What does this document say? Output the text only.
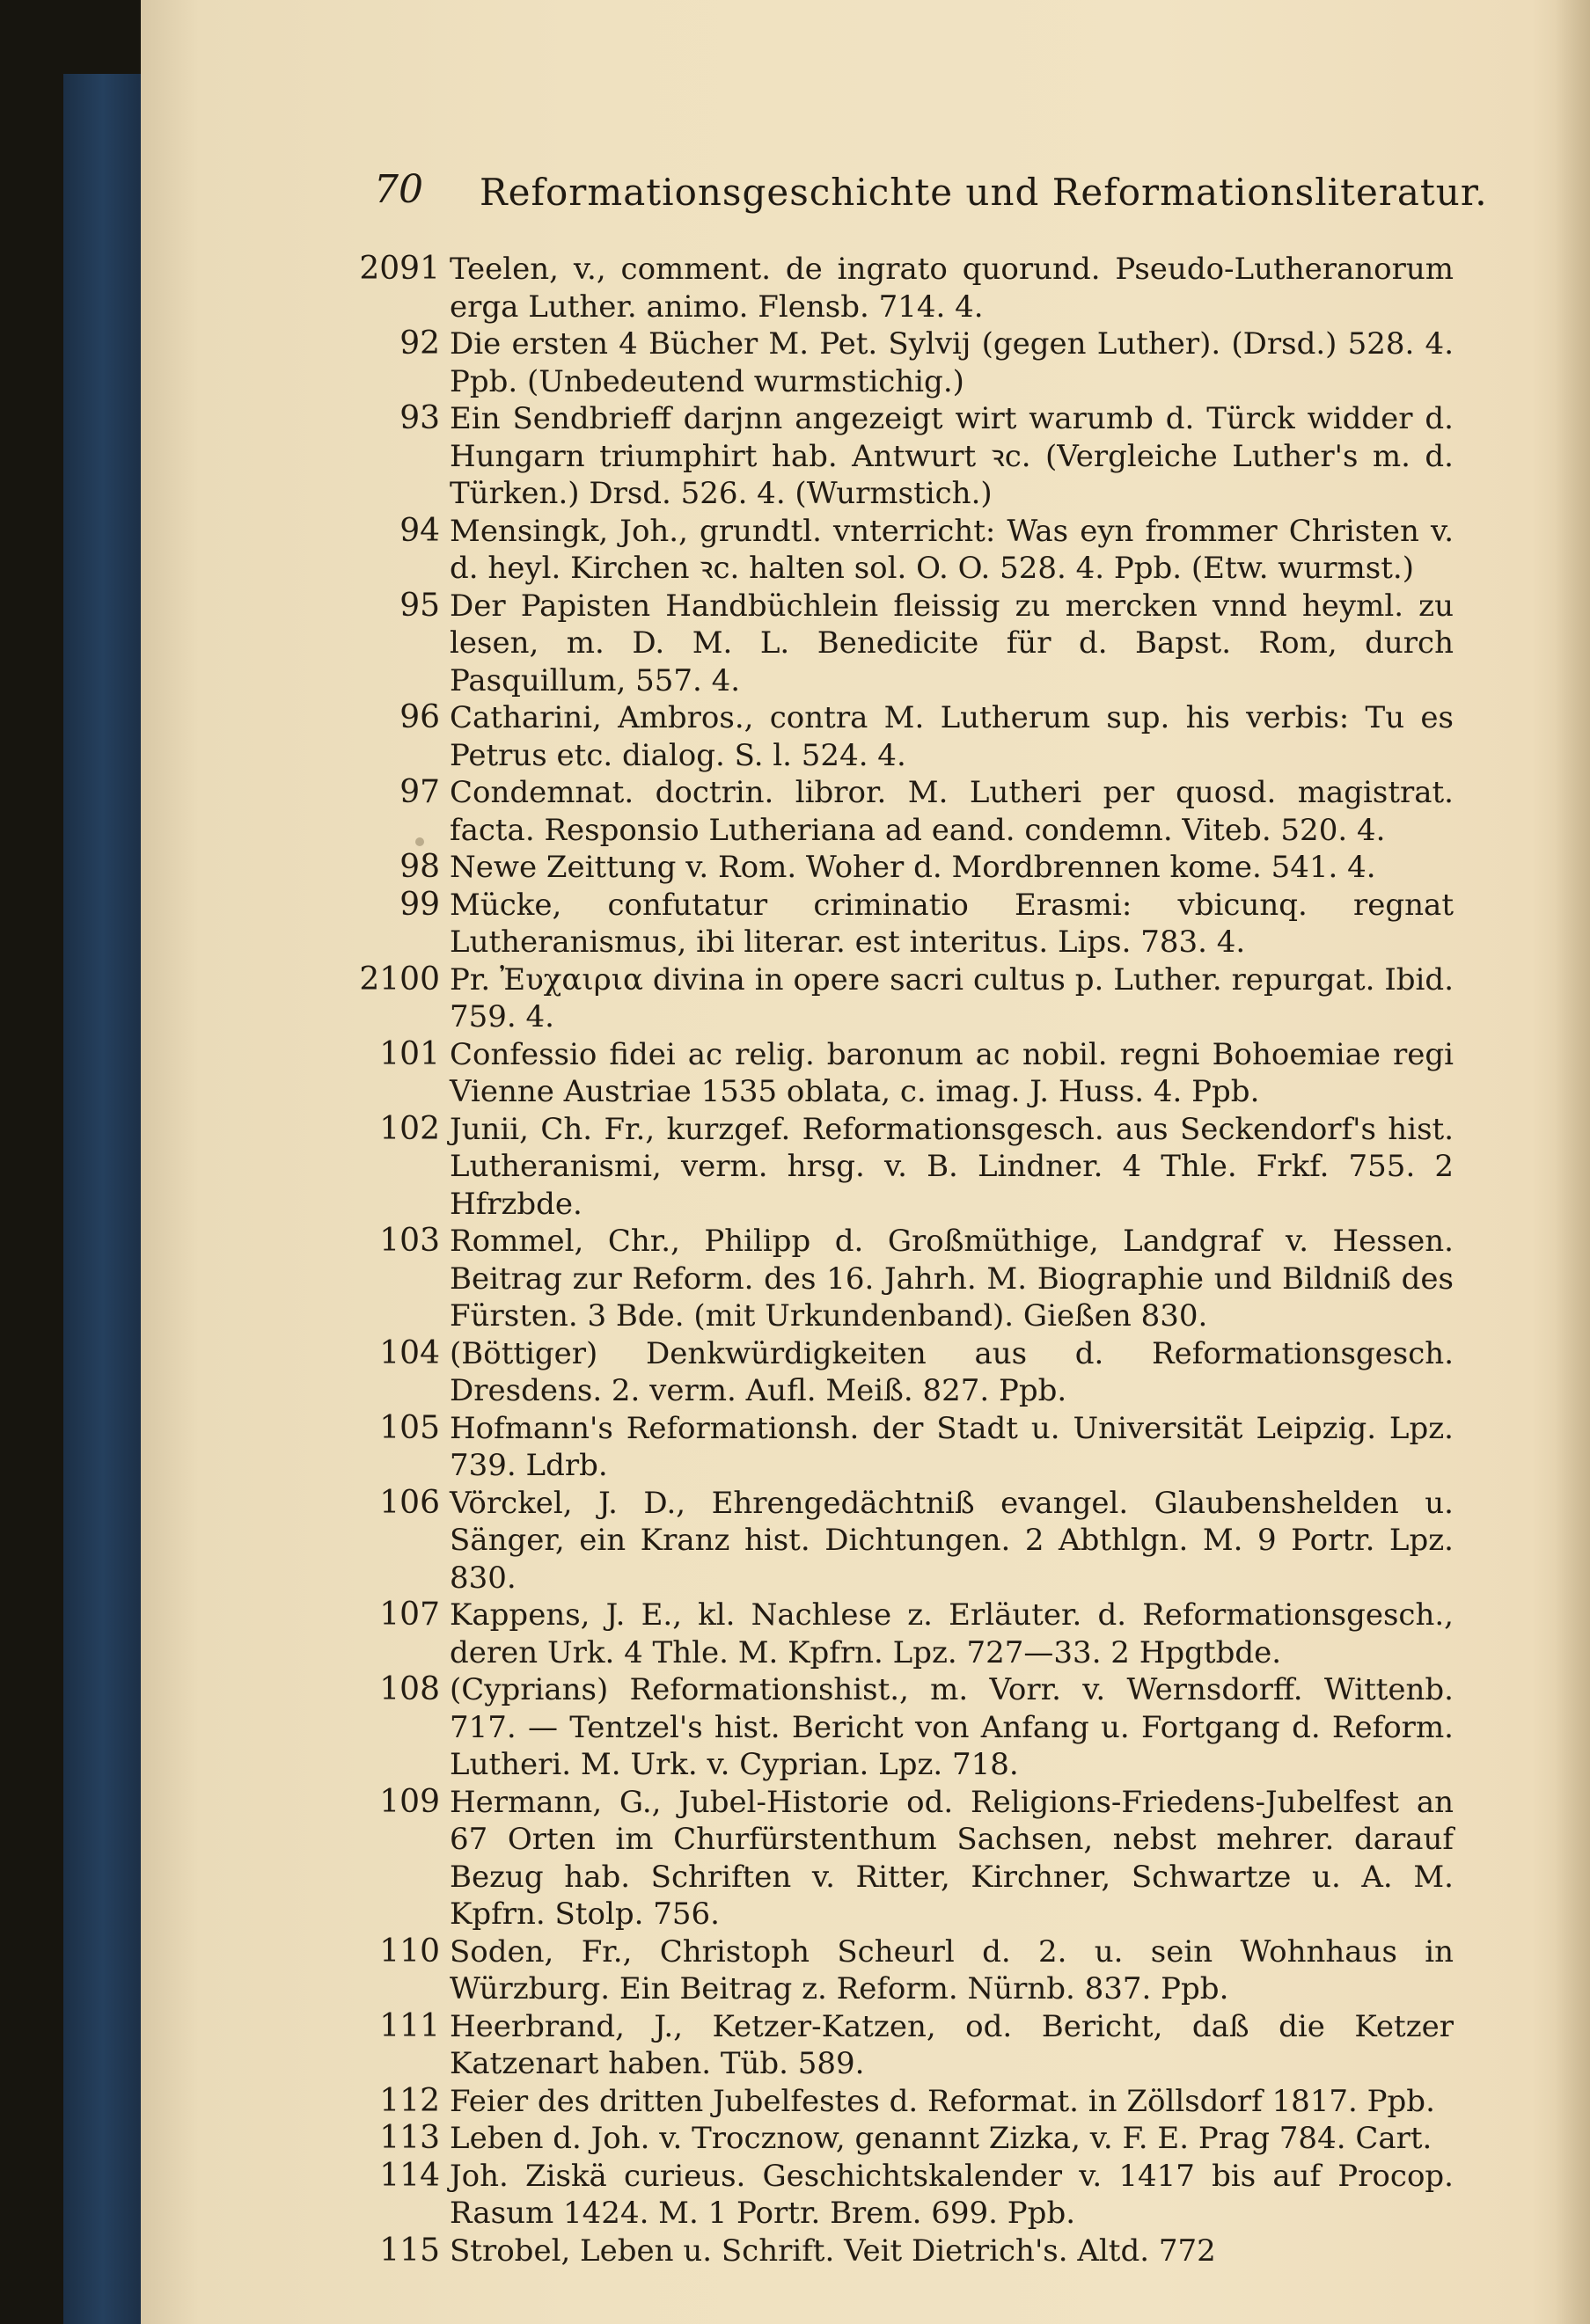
70 Reformationsgeschichte und Reformationsliteratur.
2091 Teelen, v., comment. de ingrato quorund. Pseudo-Lutheranorum erga Luther. animo. Flensb. 714. 4.
92 Die ersten 4 Bücher M. Pet. Sylvij (gegen Luther). (Drsd.) 528. 4. Ppb. (Unbedeutend wurmstichig.)
93 Ein Sendbrieff darjnn angezeigt wirt warumb d. Türck widder d. Hungarn triumphirt hab. Antwurt ꝛc. (Vergleiche Luther's m. d. Türken.) Drsd. 526. 4. (Wurmstich.)
94 Mensingk, Joh., grundtl. vnterricht: Was eyn frommer Christen v. d. heyl. Kirchen ꝛc. halten sol. O. O. 528. 4. Ppb. (Etw. wurmst.)
95 Der Papisten Handbüchlein fleissig zu mercken vnnd heyml. zu lesen, m. D. M. L. Benedicite für d. Bapst. Rom, durch Pasquillum, 557. 4.
96 Catharini, Ambros., contra M. Lutherum sup. his verbis: Tu es Petrus etc. dialog. S. l. 524. 4.
97 Condemnat. doctrin. libror. M. Lutheri per quosd. magistrat. facta. Responsio Lutheriana ad eand. condemn. Viteb. 520. 4.
98 Newe Zeittung v. Rom. Woher d. Mordbrennen kome. 541. 4.
99 Mücke, confutatur criminatio Erasmi: vbicunq. regnat Lutheranismus, ibi literar. est interitus. Lips. 783. 4.
2100 Pr. Ἐυχαιρια divina in opere sacri cultus p. Luther. repurgat. Ibid. 759. 4.
101 Confessio fidei ac relig. baronum ac nobil. regni Bohoemiae regi Vienne Austriae 1535 oblata, c. imag. J. Huss. 4. Ppb.
102 Junii, Ch. Fr., kurzgef. Reformationsgesch. aus Seckendorf's hist. Lutheranismi, verm. hrsg. v. B. Lindner. 4 Thle. Frkf. 755. 2 Hfrzbde.
103 Rommel, Chr., Philipp d. Großmüthige, Landgraf v. Hessen. Beitrag zur Reform. des 16. Jahrh. M. Biographie und Bildniß des Fürsten. 3 Bde. (mit Urkundenband). Gießen 830.
104 (Böttiger) Denkwürdigkeiten aus d. Reformationsgesch. Dresdens. 2. verm. Aufl. Meiß. 827. Ppb.
105 Hofmann's Reformationsh. der Stadt u. Universität Leipzig. Lpz. 739. Ldrb.
106 Vörckel, J. D., Ehrengedächtniß evangel. Glaubenshelden u. Sänger, ein Kranz hist. Dichtungen. 2 Abthlgn. M. 9 Portr. Lpz. 830.
107 Kappens, J. E., kl. Nachlese z. Erläuter. d. Reformationsgesch., deren Urk. 4 Thle. M. Kpfrn. Lpz. 727—33. 2 Hpgtbde.
108 (Cyprians) Reformationshist., m. Vorr. v. Wernsdorff. Wittenb. 717. — Tentzel's hist. Bericht von Anfang u. Fortgang d. Reform. Lutheri. M. Urk. v. Cyprian. Lpz. 718.
109 Hermann, G., Jubel-Historie od. Religions-Friedens-Jubelfest an 67 Orten im Churfürstenthum Sachsen, nebst mehrer. darauf Bezug hab. Schriften v. Ritter, Kirchner, Schwartze u. A. M. Kpfrn. Stolp. 756.
110 Soden, Fr., Christoph Scheurl d. 2. u. sein Wohnhaus in Würzburg. Ein Beitrag z. Reform. Nürnb. 837. Ppb.
111 Heerbrand, J., Ketzer-Katzen, od. Bericht, daß die Ketzer Katzenart haben. Tüb. 589.
112 Feier des dritten Jubelfestes d. Reformat. in Zöllsdorf 1817. Ppb.
113 Leben d. Joh. v. Trocznow, genannt Zizka, v. F. E. Prag 784. Cart.
114 Joh. Ziskä curieus. Geschichtskalender v. 1417 bis auf Procop. Rasum 1424. M. 1 Portr. Brem. 699. Ppb.
115 Strobel, Leben u. Schrift. Veit Dietrich's. Altd. 772
